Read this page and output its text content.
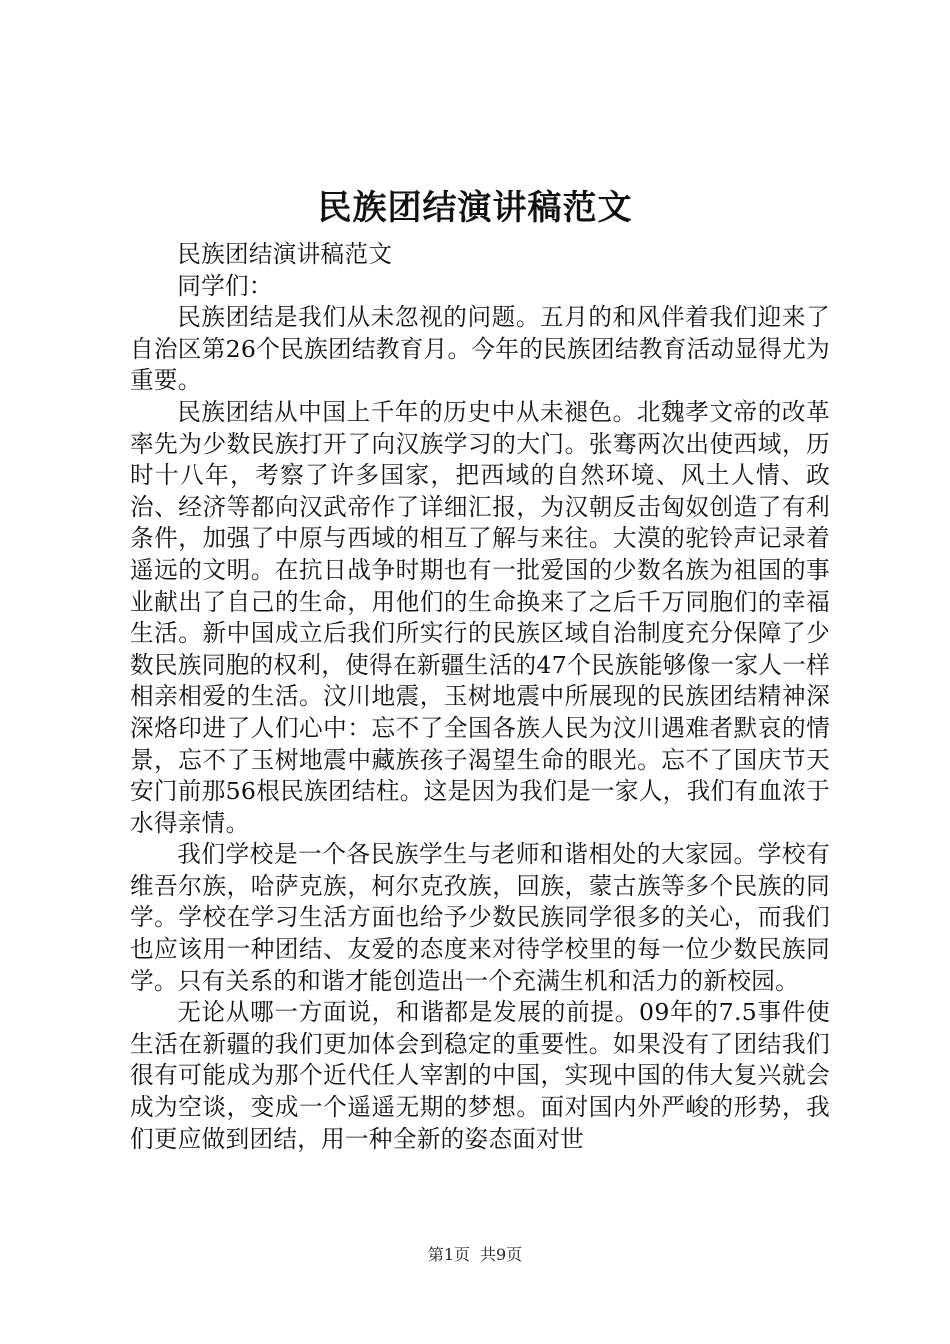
民族团结演讲稿范文

民族团结演讲稿范文

同学们：

民族团结是我们从未忽视的问题。五月的和风伴着我们迎来了自治区第26个民族团结教育月。今年的民族团结教育活动显得尤为重要。

民族团结从中国上千年的历史中从未褪色。北魏孝文帝的改革率先为少数民族打开了向汉族学习的大门。张骞两次出使西域，历时十八年，考察了许多国家，把西域的自然环境、风土人情、政治、经济等都向汉武帝作了详细汇报，为汉朝反击匈奴创造了有利条件，加强了中原与西域的相互了解与来往。大漠的驼铃声记录着遥远的文明。在抗日战争时期也有一批爱国的少数名族为祖国的事业献出了自己的生命，用他们的生命换来了之后千万同胞们的幸福生活。新中国成立后我们所实行的民族区域自治制度充分保障了少数民族同胞的权利，使得在新疆生活的47个民族能够像一家人一样相亲相爱的生活。汶川地震，玉树地震中所展现的民族团结精神深深烙印进了人们心中：忘不了全国各族人民为汶川遇难者默哀的情景，忘不了玉树地震中藏族孩子渴望生命的眼光。忘不了国庆节天安门前那56根民族团结柱。这是因为我们是一家人，我们有血浓于水得亲情。

我们学校是一个各民族学生与老师和谐相处的大家园。学校有维吾尔族，哈萨克族，柯尔克孜族，回族，蒙古族等多个民族的同学。学校在学习生活方面也给予少数民族同学很多的关心，而我们也应该用一种团结、友爱的态度来对待学校里的每一位少数民族同学。只有关系的和谐才能创造出一个充满生机和活力的新校园。

无论从哪一方面说，和谐都是发展的前提。09年的7.5事件使生活在新疆的我们更加体会到稳定的重要性。如果没有了团结我们很有可能成为那个近代任人宰割的中国，实现中国的伟大复兴就会成为空谈，变成一个遥遥无期的梦想。面对国内外严峻的形势，我们更应做到团结，用一种全新的姿态面对世

第1页 共9页
